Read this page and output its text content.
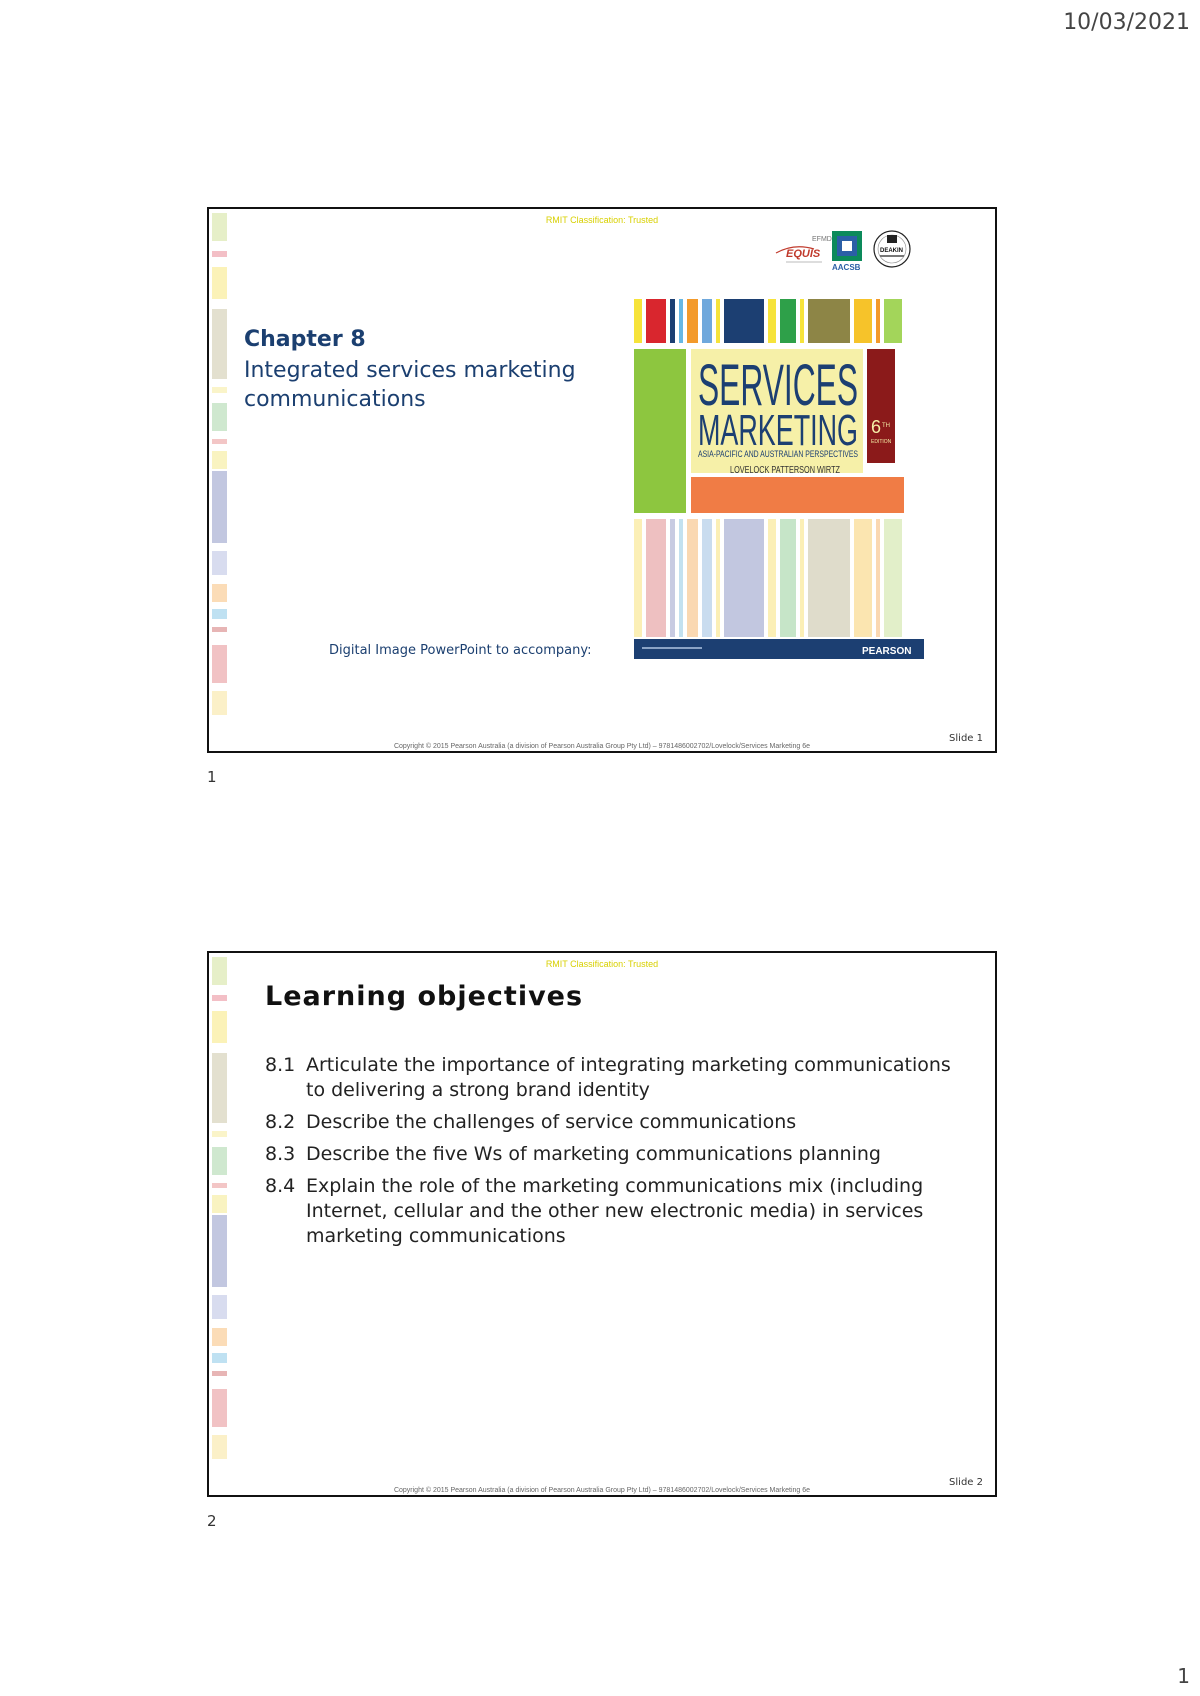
10/03/2021
RMIT Classification: Trusted
EFMD
EQUIS
AACSB
DEAKIN
Chapter 8
Integrated services marketing communications	SERVICES
MARKETING
ASIA-PACIFIC AND AUSTRALIAN PERSPECTIVES
LOVELOCK PATTERSON WIRTZ
6 TH
EDITION
PEARSON
Digital Image PowerPoint to accompany:
Slide 1
Copyright © 2015 Pearson Australia (a division of Pearson Australia Group Pty Ltd) – 9781486002702/Lovelock/Services Marketing 6e
1
RMIT Classification: Trusted
Learning objectives
8.1 Articulate the importance of integrating marketing communications to delivering a strong brand identity
8.2 Describe the challenges of service communications
8.3 Describe the five Ws of marketing communications planning
8.4 Explain the role of the marketing communications mix (including Internet, cellular and the other new electronic media) in services marketing communications
Slide 2
Copyright © 2015 Pearson Australia (a division of Pearson Australia Group Pty Ltd) – 9781486002702/Lovelock/Services Marketing 6e
2
1
